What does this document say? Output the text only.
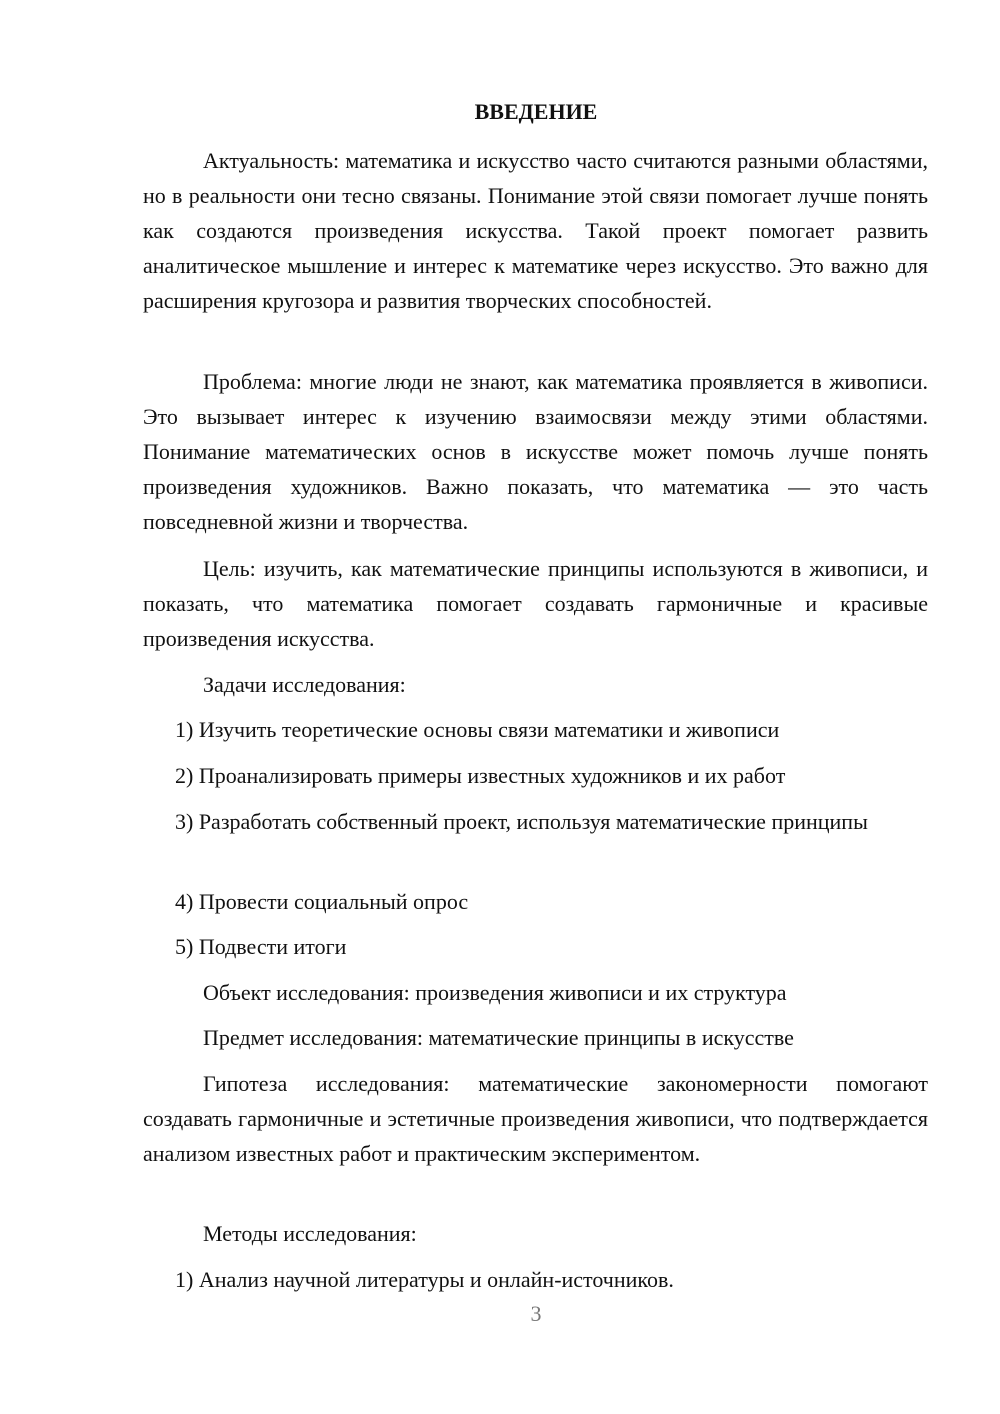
ВВЕДЕНИЕ

Актуальность: математика и искусство часто считаются разными областями, но в реальности они тесно связаны. Понимание этой связи помогает лучше понять как создаются произведения искусства. Такой проект помогает развить аналитическое мышление и интерес к математике через искусство. Это важно для расширения кругозора и развития творческих способностей.

Проблема: многие люди не знают, как математика проявляется в живописи. Это вызывает интерес к изучению взаимосвязи между этими областями. Понимание математических основ в искусстве может помочь лучше понять произведения художников. Важно показать, что математика — это часть повседневной жизни и творчества.

Цель: изучить, как математические принципы используются в живописи, и показать, что математика помогает создавать гармоничные и красивые произведения искусства.

Задачи исследования:
1) Изучить теоретические основы связи математики и живописи
2) Проанализировать примеры известных художников и их работ

3) Разработать собственный проект, используя математические принципы

4) Провести социальный опрос
5) Подвести итоги
Объект исследования: произведения живописи и их структура
Предмет исследования: математические принципы в искусстве

Гипотеза исследования: математические закономерности помогают создавать гармоничные и эстетичные произведения живописи, что подтверждается анализом известных работ и практическим экспериментом.

Методы исследования:
1) Анализ научной литературы и онлайн-источников.
3
